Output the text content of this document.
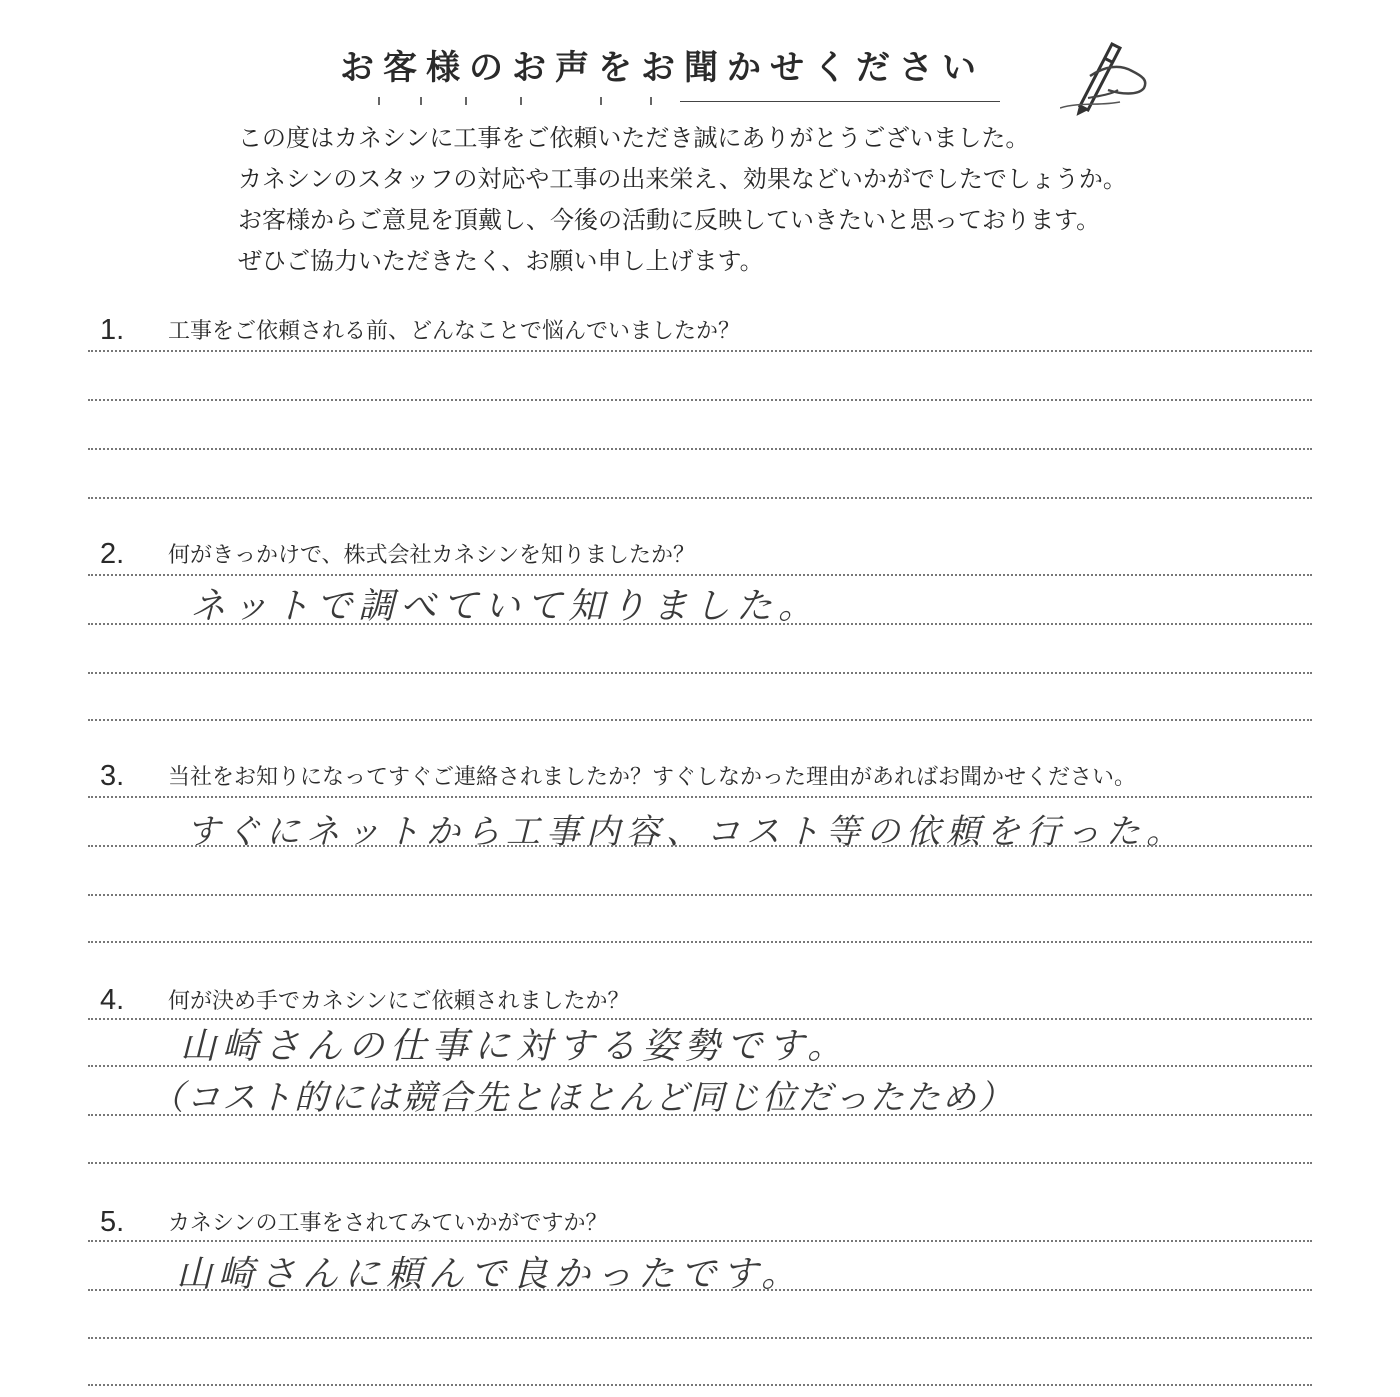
お客様のお声をお聞かせください
この度はカネシンに工事をご依頼いただき誠にありがとうございました。
カネシンのスタッフの対応や工事の出来栄え、効果などいかがでしたでしょうか。
お客様からご意見を頂戴し、今後の活動に反映していきたいと思っております。
ぜひご協力いただきたく、お願い申し上げます。
1. 工事をご依頼される前、どんなことで悩んでいましたか？
2. 何がきっかけで、株式会社カネシンを知りましたか？
ネットで調べていて知りました。
3. 当社をお知りになってすぐご連絡されましたか？すぐしなかった理由があればお聞かせください。
すぐにネットから工事内容、コスト等の依頼を行った。
4. 何が決め手でカネシンにご依頼されましたか？
山崎さんの仕事に対する姿勢です。
（コスト的には競合先とほとんど同じ位だったため）
5. カネシンの工事をされてみていかがですか？
山崎さんに頼んで良かったです。
